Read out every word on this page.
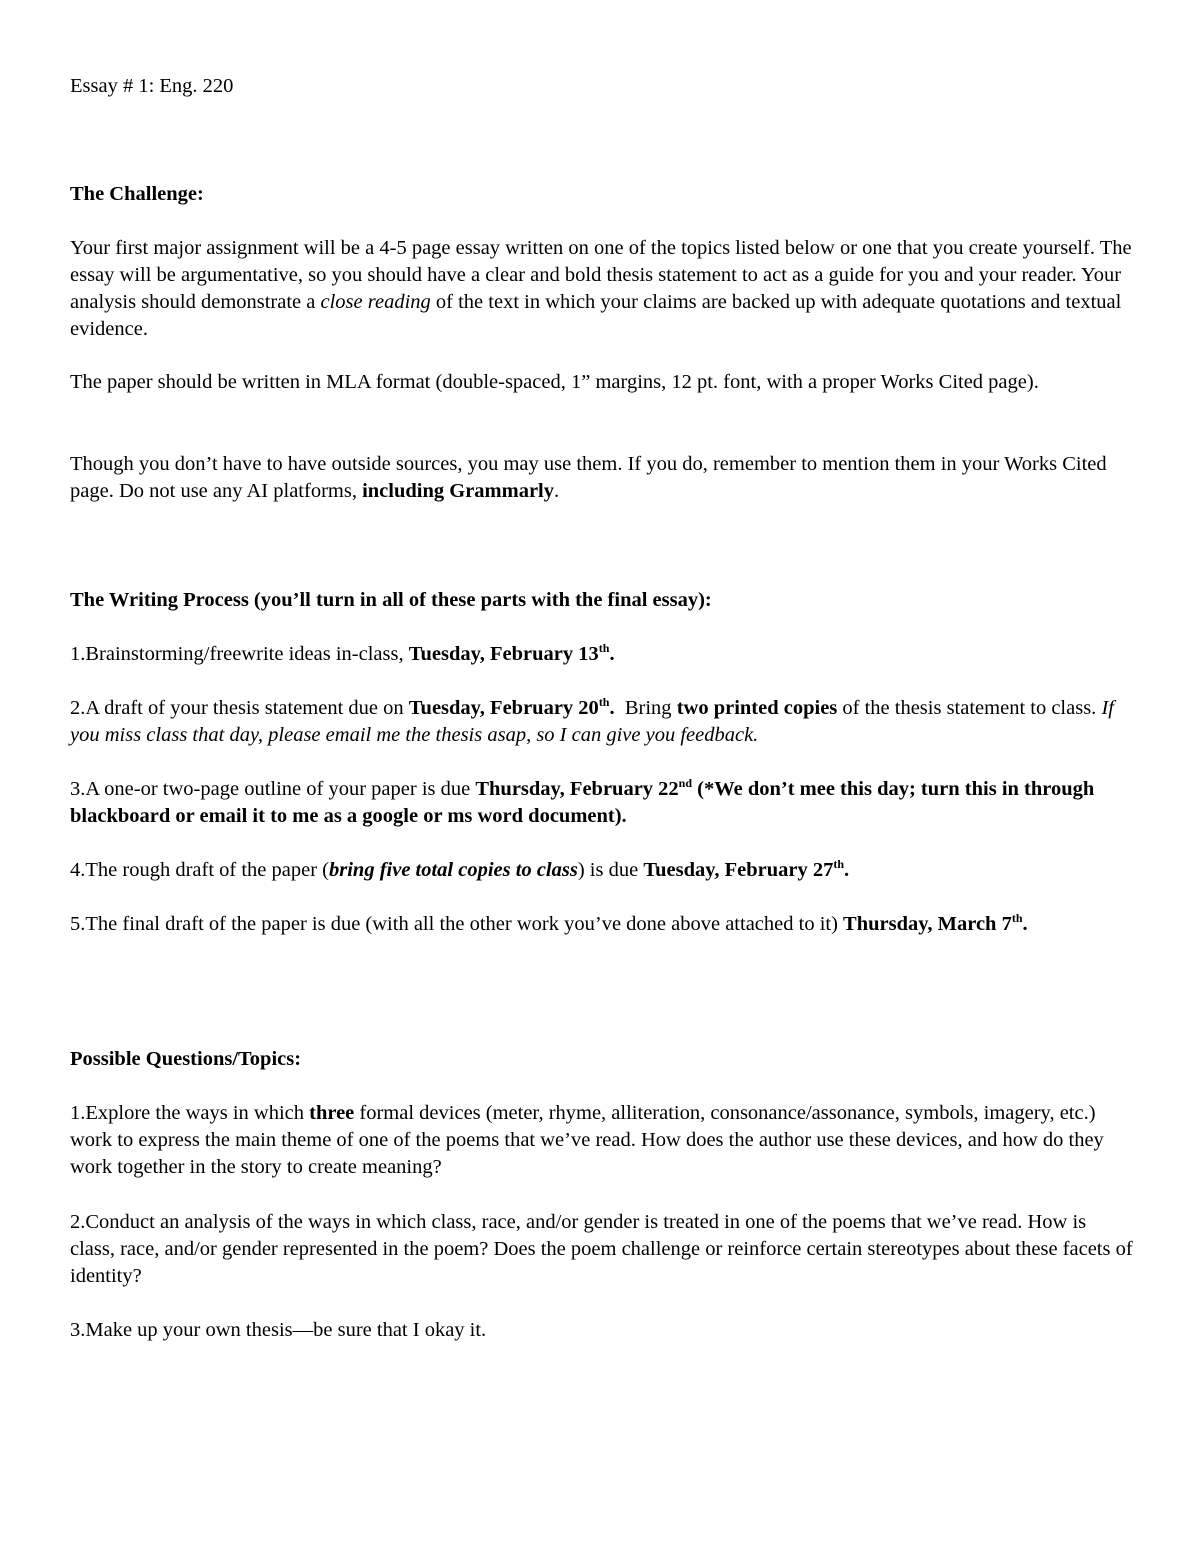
Essay # 1: Eng. 220

The Challenge:

Your first major assignment will be a 4-5 page essay written on one of the topics listed below or one that you create yourself. The essay will be argumentative, so you should have a clear and bold thesis statement to act as a guide for you and your reader. Your analysis should demonstrate a close reading of the text in which your claims are backed up with adequate quotations and textual evidence.

The paper should be written in MLA format (double-spaced, 1” margins, 12 pt. font, with a proper Works Cited page).

Though you don’t have to have outside sources, you may use them. If you do, remember to mention them in your Works Cited page. Do not use any AI platforms, including Grammarly.

The Writing Process (you’ll turn in all of these parts with the final essay):

1.Brainstorming/freewrite ideas in-class, Tuesday, February 13th.

2.A draft of your thesis statement due on Tuesday, February 20th.  Bring two printed copies of the thesis statement to class. If you miss class that day, please email me the thesis asap, so I can give you feedback.

3.A one-or two-page outline of your paper is due Thursday, February 22nd (*We don’t mee this day; turn this in through blackboard or email it to me as a google or ms word document).

4.The rough draft of the paper (bring five total copies to class) is due Tuesday, February 27th.

5.The final draft of the paper is due (with all the other work you’ve done above attached to it) Thursday, March 7th.

Possible Questions/Topics:

1.Explore the ways in which three formal devices (meter, rhyme, alliteration, consonance/assonance, symbols, imagery, etc.) work to express the main theme of one of the poems that we’ve read. How does the author use these devices, and how do they work together in the story to create meaning?

2.Conduct an analysis of the ways in which class, race, and/or gender is treated in one of the poems that we’ve read. How is class, race, and/or gender represented in the poem? Does the poem challenge or reinforce certain stereotypes about these facets of identity?

3.Make up your own thesis—be sure that I okay it.
